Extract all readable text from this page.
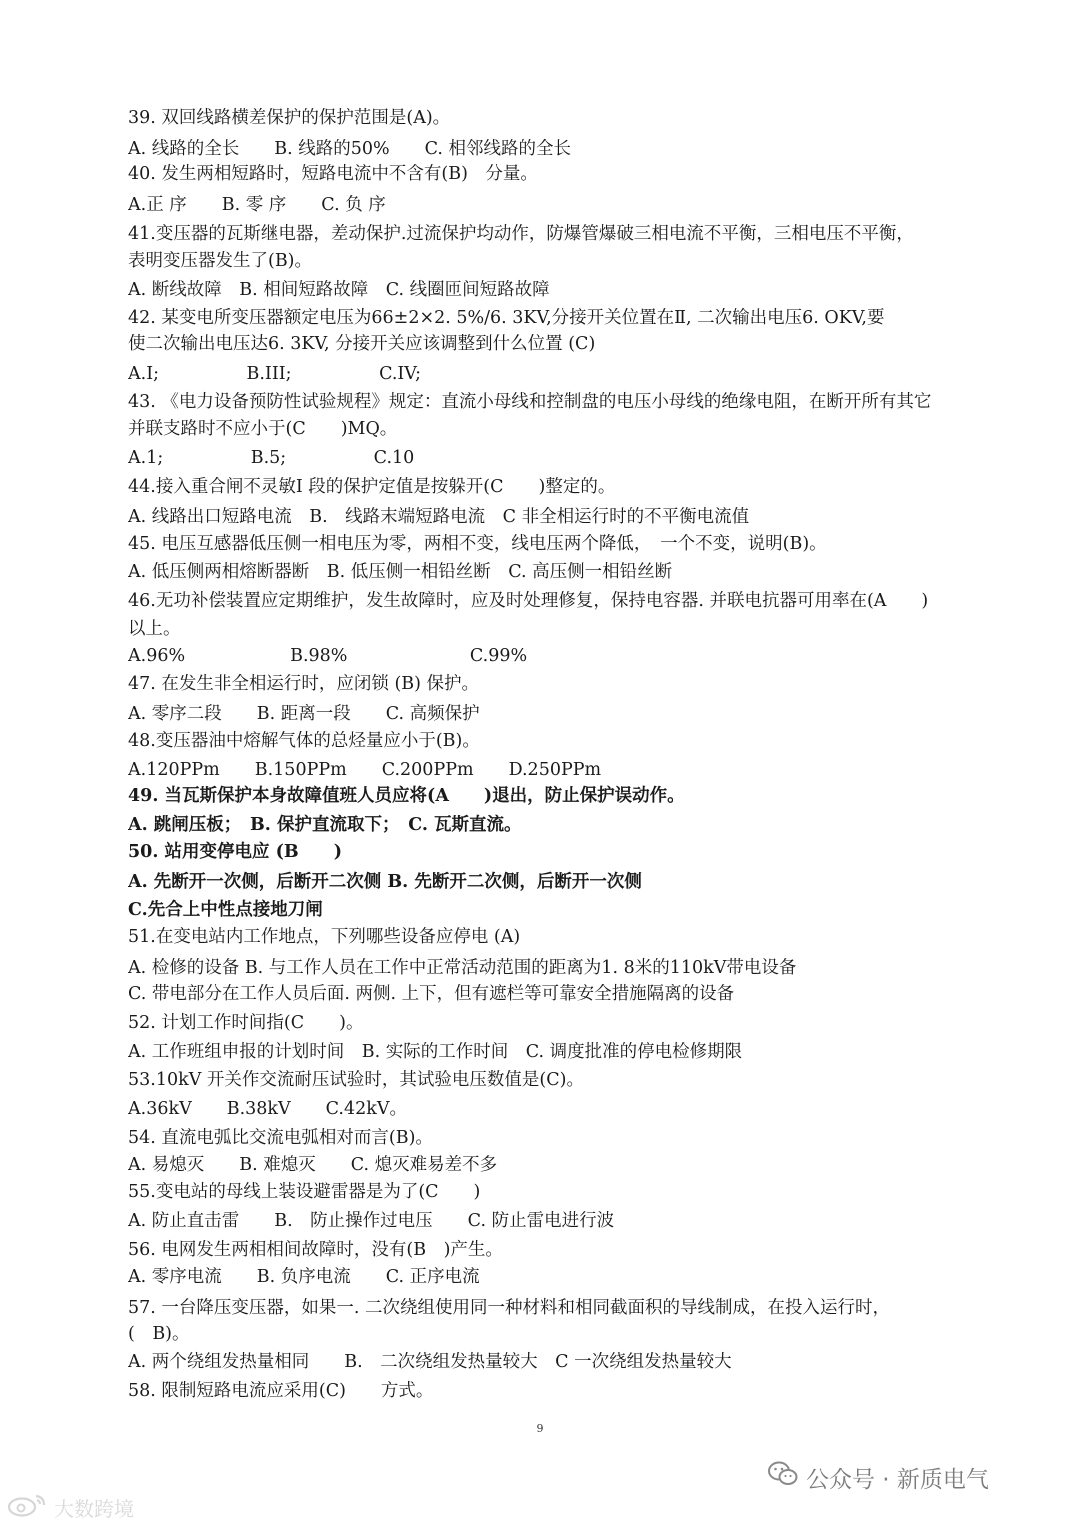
39. 双回线路横差保护的保护范围是(A)。
A. 线路的全长　　B. 线路的50%　　C. 相邻线路的全长
40. 发生两相短路时，短路电流中不含有(B)　分量。
A.正 序　　B. 零 序　　C. 负 序
41.变压器的瓦斯继电器，差动保护.过流保护均动作，防爆管爆破三相电流不平衡，三相电压不平衡，
表明变压器发生了(B)。
A. 断线故障　B. 相间短路故障　C. 线圈匝间短路故障
42. 某变电所变压器额定电压为66±2×2. 5%/6. 3KV,分接开关位置在Ⅱ, 二次输出电压6. OKV,要
使二次输出电压达6. 3KV, 分接开关应该调整到什么位置 (C)
A.I;　　　　　B.III;　　　　　C.IV;
43. 《电力设备预防性试验规程》规定：直流小母线和控制盘的电压小母线的绝缘电阻，在断开所有其它
并联支路时不应小于(C　　)MQ。
A.1;　　　　　B.5;　　　　　C.10
44.接入重合闸不灵敏I 段的保护定值是按躲开(C　　)整定的。
A. 线路出口短路电流　B.　线路末端短路电流　C 非全相运行时的不平衡电流值
45. 电压互感器低压侧一相电压为零，两相不变，线电压两个降低，　一个不变，说明(B)。
A. 低压侧两相熔断器断　B. 低压侧一相铅丝断　C. 高压侧一相铅丝断
46.无功补偿装置应定期维护，发生故障时，应及时处理修复，保持电容器. 并联电抗器可用率在(A　　)
以上。
A.96%　　　　　　B.98%　　　　　　　C.99%
47. 在发生非全相运行时，应闭锁 (B) 保护。
A. 零序二段　　B. 距离一段　　C. 高频保护
48.变压器油中熔解气体的总烃量应小于(B)。
A.120PPm　　B.150PPm　　C.200PPm　　D.250PPm
49. 当瓦斯保护本身故障值班人员应将(A　　)退出，防止保护误动作。
A. 跳闸压板；　B. 保护直流取下；　C. 瓦斯直流。
50. 站用变停电应 (B　　)
A. 先断开一次侧，后断开二次侧 B. 先断开二次侧，后断开一次侧
C.先合上中性点接地刀闸
51.在变电站内工作地点，下列哪些设备应停电 (A)
A. 检修的设备 B. 与工作人员在工作中正常活动范围的距离为1. 8米的110kV带电设备
C. 带电部分在工作人员后面. 两侧. 上下，但有遮栏等可靠安全措施隔离的设备
52. 计划工作时间指(C　　)。
A. 工作班组申报的计划时间　B. 实际的工作时间　C. 调度批准的停电检修期限
53.10kV 开关作交流耐压试验时，其试验电压数值是(C)。
A.36kV　　B.38kV　　C.42kV。
54. 直流电弧比交流电弧相对而言(B)。
A. 易熄灭　　B. 难熄灭　　C. 熄灭难易差不多
55.变电站的母线上装设避雷器是为了(C　　)
A. 防止直击雷　　B.　防止操作过电压　　C. 防止雷电进行波
56. 电网发生两相相间故障时，没有(B　)产生。
A. 零序电流　　B. 负序电流　　C. 正序电流
57. 一台降压变压器，如果一. 二次绕组使用同一种材料和相同截面积的导线制成，在投入运行时，
(　B)。
A. 两个绕组发热量相同　　B.　二次绕组发热量较大　C 一次绕组发热量较大
58. 限制短路电流应采用(C)　　方式。
9
公众号 · 新质电气
大数跨境
